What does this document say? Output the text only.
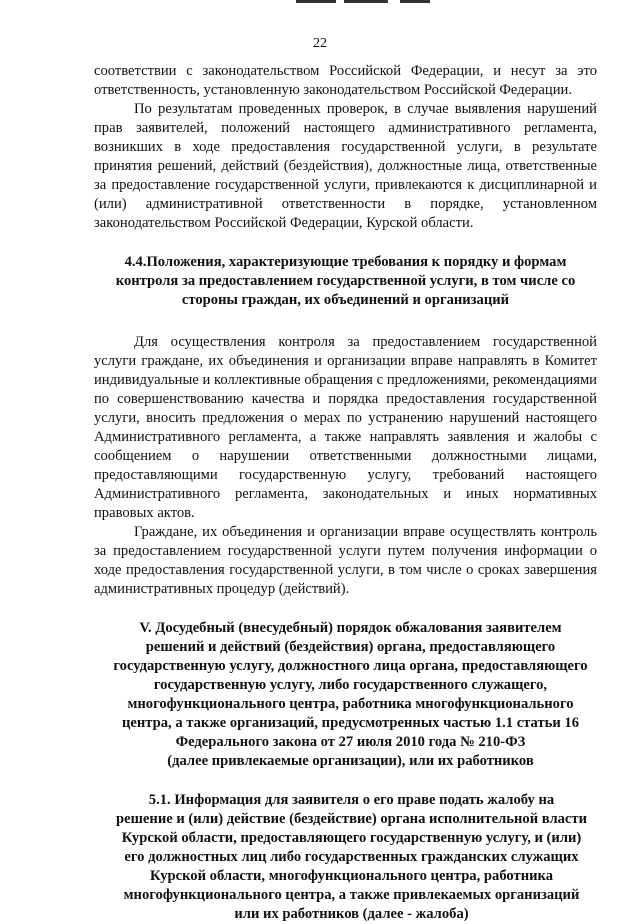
22

соответствии с законодательством Российской Федерации, и несут за это ответственность, установленную законодательством Российской Федерации.

По результатам проведенных проверок, в случае выявления нарушений прав заявителей, положений настоящего административного регламента, возникших в ходе предоставления государственной услуги, в результате принятия решений, действий (бездействия), должностные лица, ответственные за предоставление государственной услуги, привлекаются к дисциплинарной и (или) административной ответственности в порядке, установленном законодательством Российской Федерации, Курской области.

4.4.Положения, характеризующие требования к порядку и формам
контроля за предоставлением государственной услуги, в том числе со
стороны граждан, их объединений и организаций

Для осуществления контроля за предоставлением государственной услуги граждане, их объединения и организации вправе направлять в Комитет индивидуальные и коллективные обращения с предложениями, рекомендациями по совершенствованию качества и порядка предоставления государственной услуги, вносить предложения о мерах по устранению нарушений настоящего Административного регламента, а также направлять заявления и жалобы с сообщением о нарушении ответственными должностными лицами, предоставляющими государственную услугу, требований настоящего Административного регламента, законодательных и иных нормативных правовых актов.

Граждане, их объединения и организации вправе осуществлять контроль за предоставлением государственной услуги путем получения информации о ходе предоставления государственной услуги, в том числе о сроках завершения административных процедур (действий).

V. Досудебный (внесудебный) порядок обжалования заявителем
решений и действий (бездействия) органа, предоставляющего
государственную услугу, должностного лица органа, предоставляющего
государственную услугу, либо государственного служащего,
многофункционального центра, работника многофункционального
центра, а также организаций, предусмотренных частью 1.1 статьи 16
Федерального закона от 27 июля 2010 года № 210-ФЗ
(далее привлекаемые организации), или их работников
5.1. Информация для заявителя о его праве подать жалобу на
решение и (или) действие (бездействие) органа исполнительной власти
Курской области, предоставляющего государственную услугу, и (или)
его должностных лиц либо государственных гражданских служащих
Курской области, многофункционального центра, работника
многофункционального центра, а также привлекаемых организаций
или их работников (далее - жалоба)
